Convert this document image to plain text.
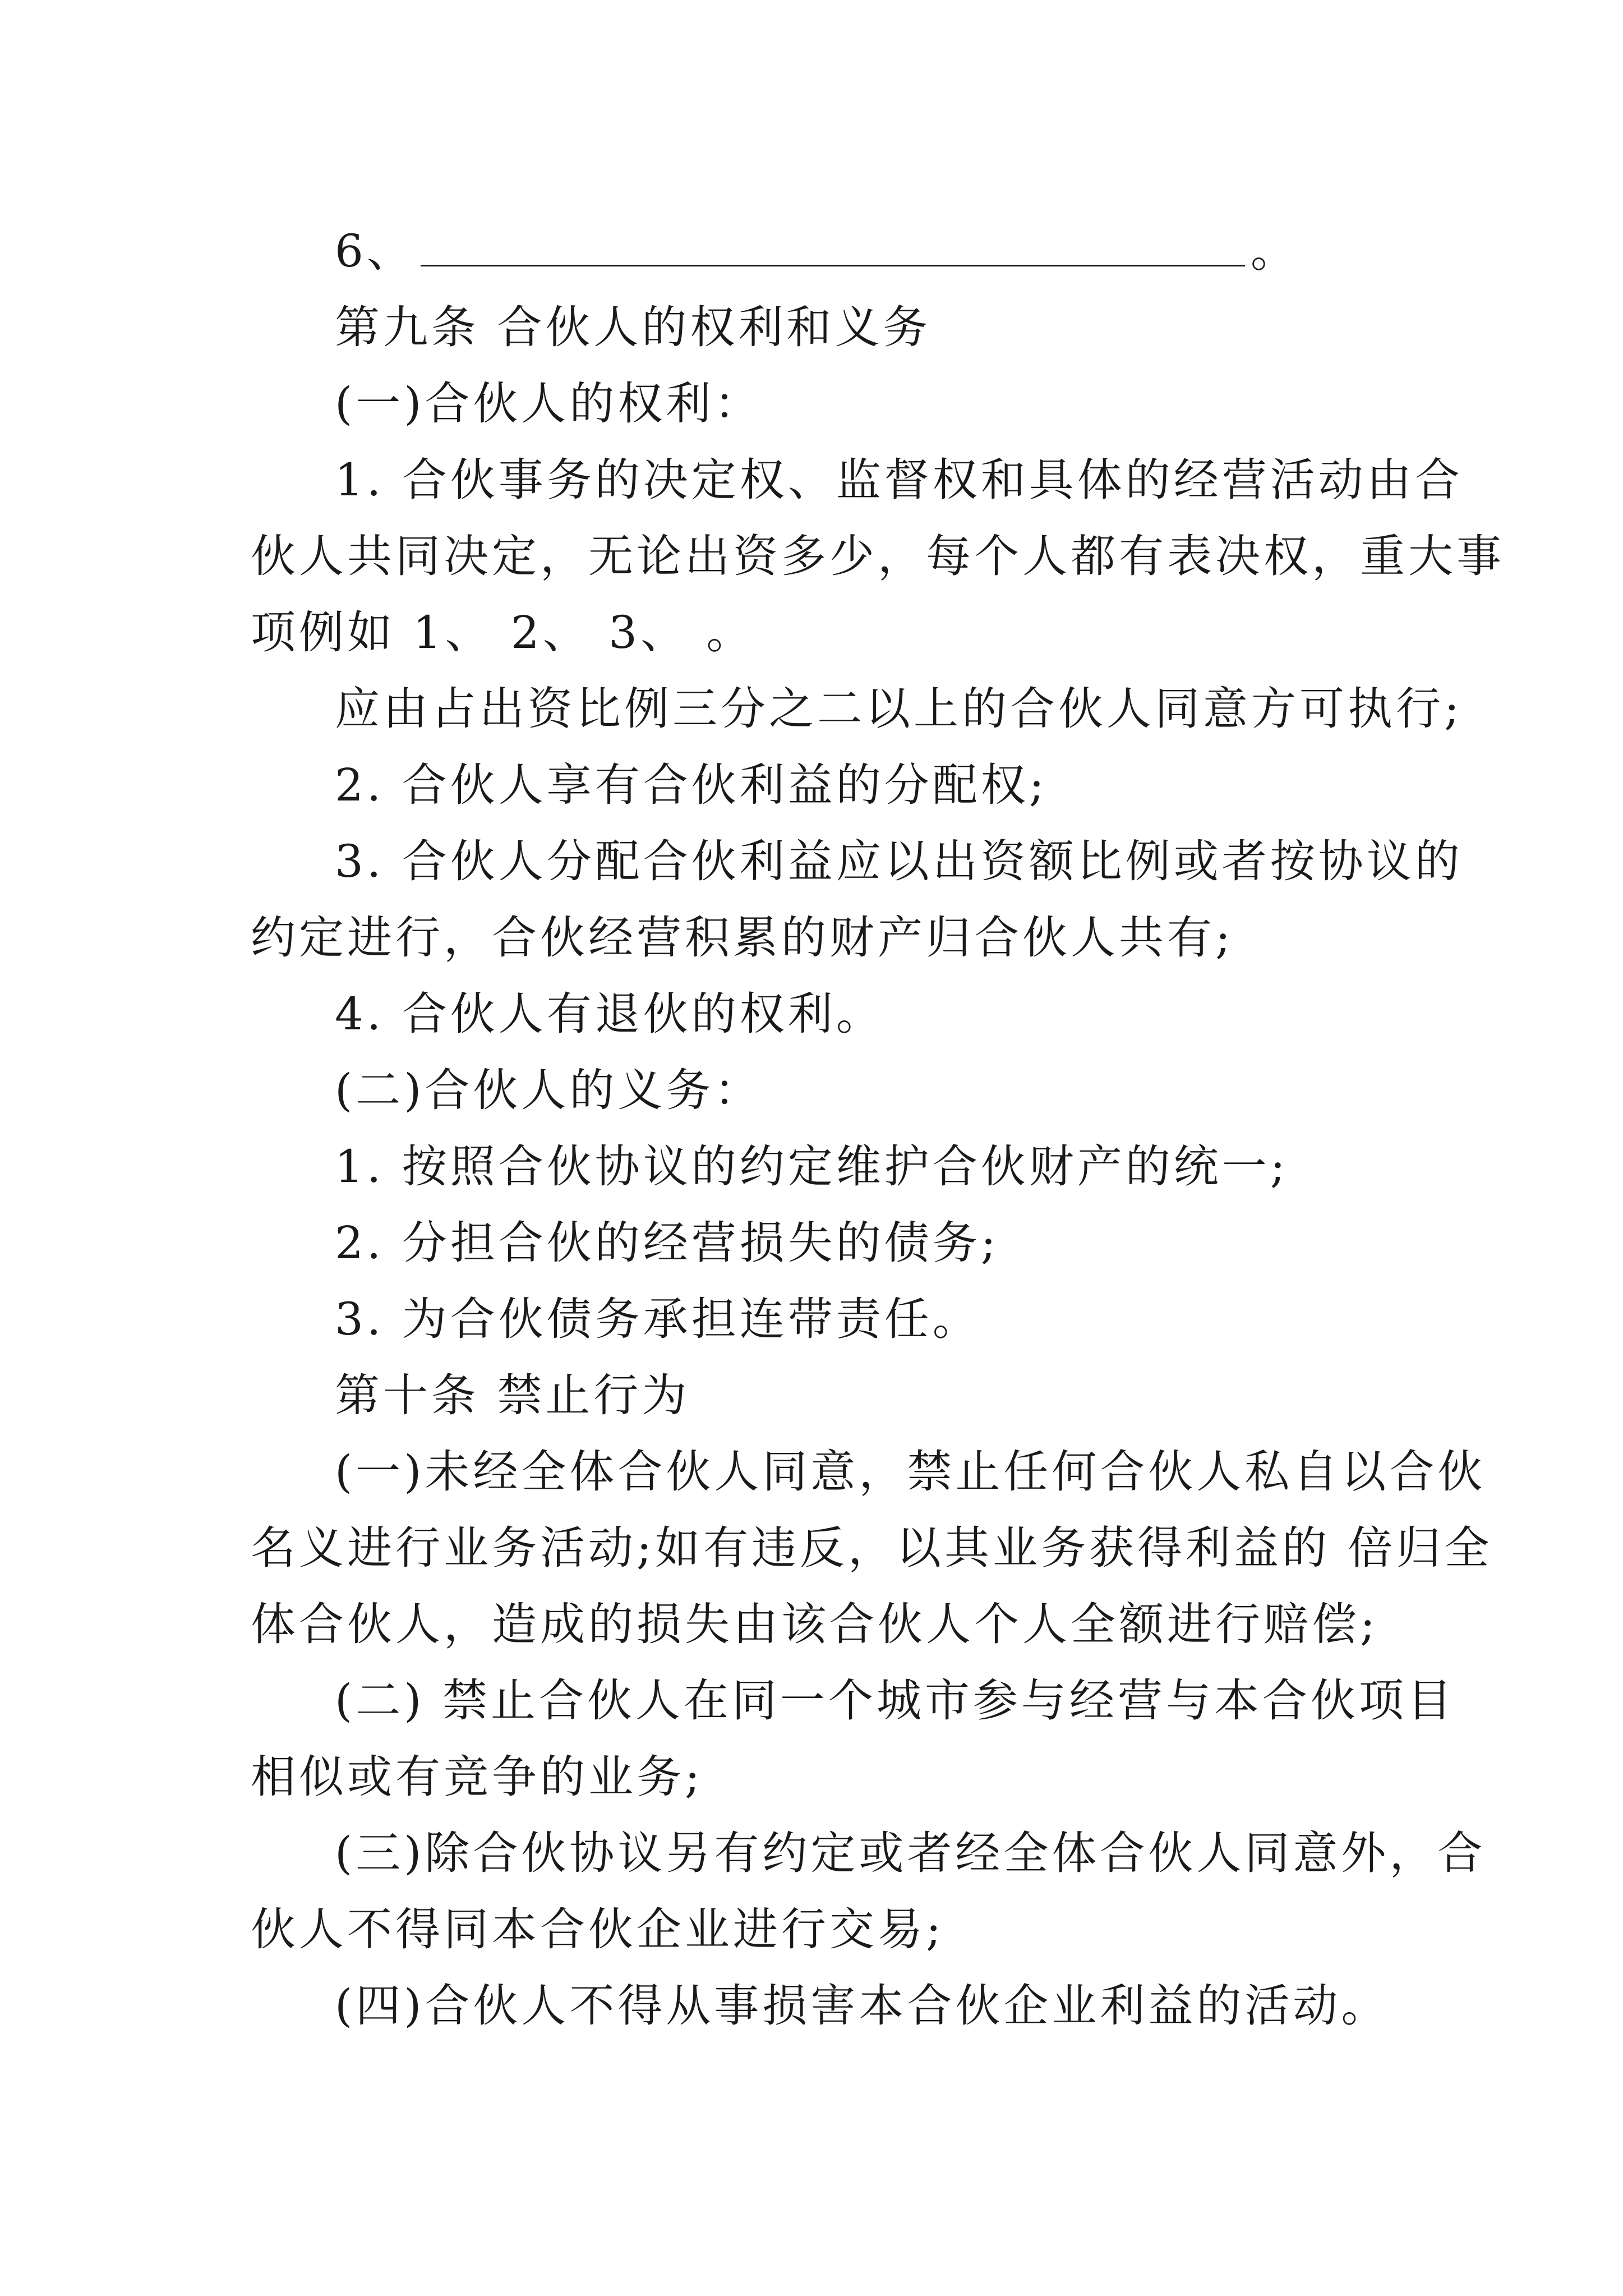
6、	。
第九条 合伙人的权利和义务
(一)合伙人的权利：
1. 合伙事务的决定权、监督权和具体的经营活动由合
伙人共同决定，无论出资多少，每个人都有表决权，重大事
项例如 1、 2、 3、 。
应由占出资比例三分之二以上的合伙人同意方可执行;
2. 合伙人享有合伙利益的分配权;
3. 合伙人分配合伙利益应以出资额比例或者按协议的
约定进行，合伙经营积累的财产归合伙人共有;
4. 合伙人有退伙的权利。
(二)合伙人的义务：
1. 按照合伙协议的约定维护合伙财产的统一;
2. 分担合伙的经营损失的债务;
3. 为合伙债务承担连带责任。
第十条 禁止行为
(一)未经全体合伙人同意，禁止任何合伙人私自以合伙
名义进行业务活动;如有违反，以其业务获得利益的 倍归全
体合伙人，造成的损失由该合伙人个人全额进行赔偿;
(二) 禁止合伙人在同一个城市参与经营与本合伙项目
相似或有竞争的业务;
(三)除合伙协议另有约定或者经全体合伙人同意外，合
伙人不得同本合伙企业进行交易;
(四)合伙人不得从事损害本合伙企业利益的活动。
